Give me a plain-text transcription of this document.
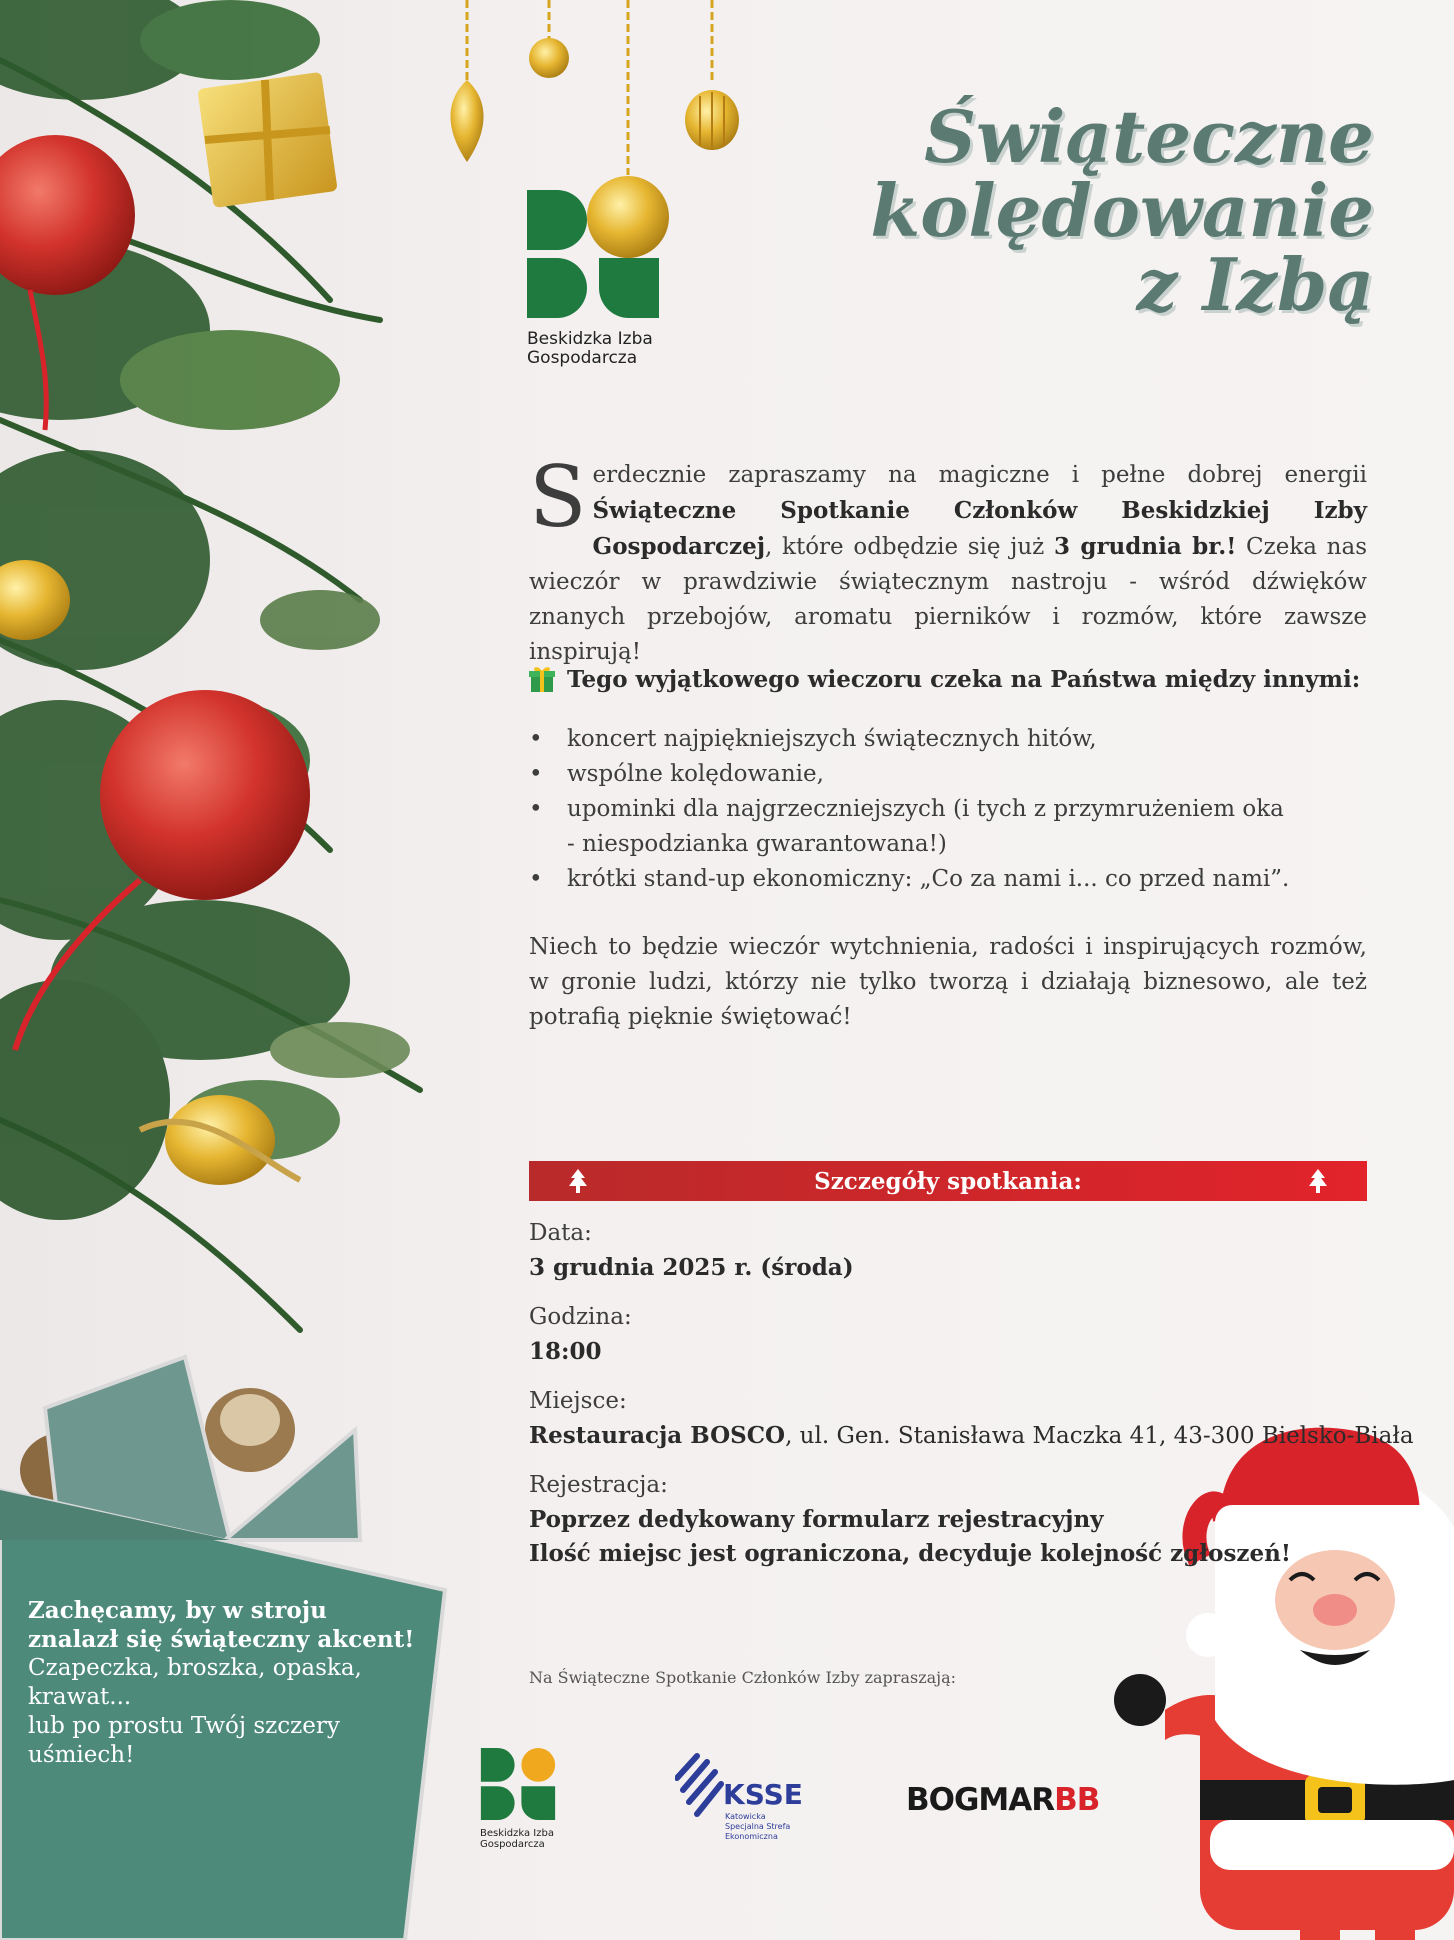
Beskidzka Izba
Gospodarcza
Świąteczne
kolędowanie
z Izbą
Serdecznie zapraszamy na magiczne i pełne dobrej energii Świąteczne Spotkanie Członków Beskidzkiej Izby Gospodarczej, które odbędzie się już 3 grudnia br.! Czeka nas wieczór w prawdziwie świątecznym nastroju - wśród dźwięków znanych przebojów, aromatu pierników i rozmów, które zawsze inspirują!
Tego wyjątkowego wieczoru czeka na Państwa między innymi:
• koncert najpiękniejszych świątecznych hitów,
• wspólne kolędowanie,
• upominki dla najgrzeczniejszych (i tych z przymrużeniem oka
- niespodzianka gwarantowana!)
• krótki stand-up ekonomiczny: „Co za nami i... co przed nami”.
Niech to będzie wieczór wytchnienia, radości i inspirujących rozmów, w gronie ludzi, którzy nie tylko tworzą i działają biznesowo, ale też potrafią pięknie świętować!
Szczegóły spotkania:
Data:
3 grudnia 2025 r. (środa)
Godzina:
18:00
Miejsce:
Restauracja BOSCO, ul. Gen. Stanisława Maczka 41, 43-300 Bielsko-Biała
Rejestracja:
Poprzez dedykowany formularz rejestracyjny
Ilość miejsc jest ograniczona, decyduje kolejność zgłoszeń!
Zachęcamy, by w stroju
znalazł się świąteczny akcent!
Czapeczka, broszka, opaska,
krawat...
lub po prostu Twój szczery
uśmiech!
Na Świąteczne Spotkanie Członków Izby zapraszają:
Beskidzka Izba
Gospodarcza
KSSE
Katowicka
Specjalna Strefa
Ekonomiczna
BOGMARBB
